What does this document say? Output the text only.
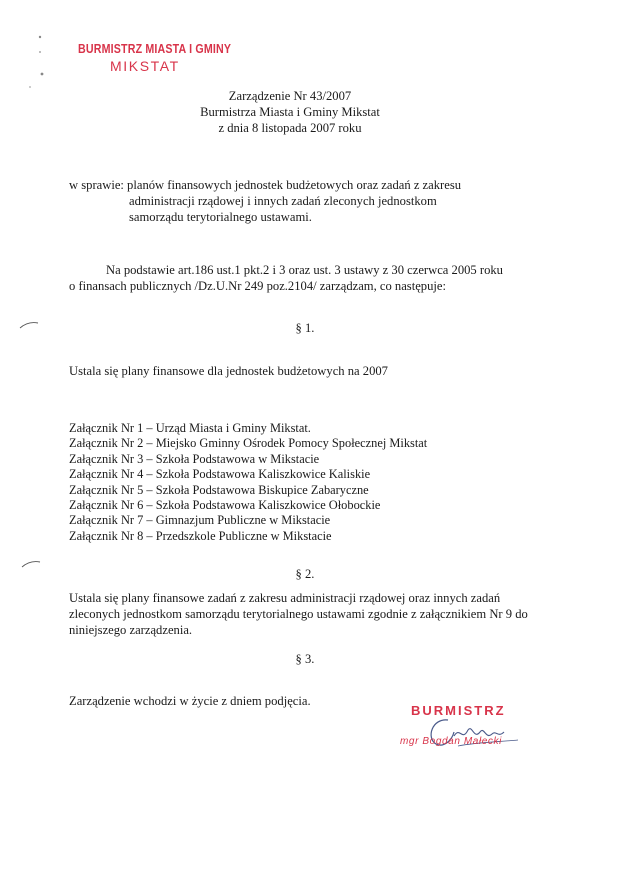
BURMISTRZ MIASTA I GMINY
MIKSTAT
Zarządzenie Nr 43/2007
Burmistrza Miasta i Gminy Mikstat
z dnia 8 listopada 2007 roku
w sprawie: planów finansowych jednostek budżetowych oraz zadań z zakresu
administracji rządowej i innych zadań zleconych jednostkom
samorządu terytorialnego ustawami.
Na podstawie art.186 ust.1 pkt.2 i 3 oraz ust. 3 ustawy z 30 czerwca 2005 roku
o finansach publicznych /Dz.U.Nr 249 poz.2104/ zarządzam, co następuje:
§ 1.
Ustala się plany finansowe dla jednostek budżetowych na 2007
Załącznik Nr 1 – Urząd Miasta i Gminy Mikstat.
Załącznik Nr 2 – Miejsko Gminny Ośrodek Pomocy Społecznej Mikstat
Załącznik Nr 3 – Szkoła Podstawowa w Mikstacie
Załącznik Nr 4 – Szkoła Podstawowa Kaliszkowice Kaliskie
Załącznik Nr 5 – Szkoła Podstawowa Biskupice Zabaryczne
Załącznik Nr 6 – Szkoła Podstawowa Kaliszkowice Ołobockie
Załącznik Nr 7 – Gimnazjum Publiczne w Mikstacie
Załącznik Nr 8 – Przedszkole Publiczne w Mikstacie
§ 2.
Ustala się plany finansowe zadań z zakresu administracji rządowej oraz innych zadań
zleconych jednostkom samorządu terytorialnego ustawami zgodnie z załącznikiem Nr 9 do
niniejszego zarządzenia.
§ 3.
Zarządzenie wchodzi w życie z dniem podjęcia.
BURMISTRZ
mgr Bogdan Małecki
